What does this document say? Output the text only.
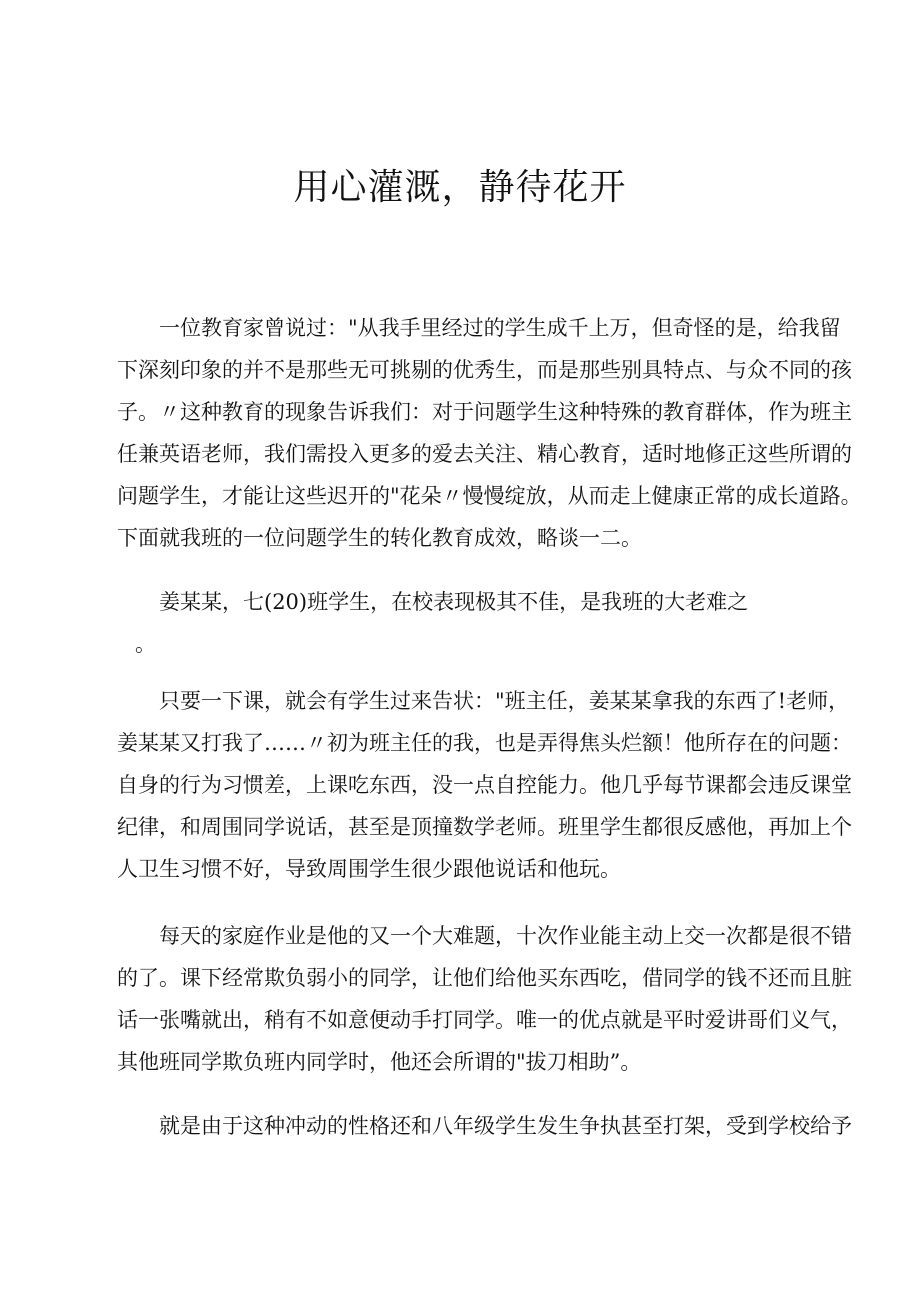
用心灌溉，静待花开

一位教育家曾说过："从我手里经过的学生成千上万，但奇怪的是，给我留

下深刻印象的并不是那些无可挑剔的优秀生，而是那些别具特点、与众不同的孩

子。〃这种教育的现象告诉我们：对于问题学生这种特殊的教育群体，作为班主

任兼英语老师，我们需投入更多的爱去关注、精心教育，适时地修正这些所谓的

问题学生，才能让这些迟开的"花朵〃慢慢绽放，从而走上健康正常的成长道路。

下面就我班的一位问题学生的转化教育成效，略谈一二。

姜某某，七(20)班学生，在校表现极其不佳，是我班的大老难之

。

只要一下课，就会有学生过来告状："班主任，姜某某拿我的东西了!老师，

姜某某又打我了……〃初为班主任的我，也是弄得焦头烂额！他所存在的问题：

自身的行为习惯差，上课吃东西，没一点自控能力。他几乎每节课都会违反课堂

纪律，和周围同学说话，甚至是顶撞数学老师。班里学生都很反感他，再加上个

人卫生习惯不好，导致周围学生很少跟他说话和他玩。

每天的家庭作业是他的又一个大难题，十次作业能主动上交一次都是很不错

的了。课下经常欺负弱小的同学，让他们给他买东西吃，借同学的钱不还而且脏

话一张嘴就出，稍有不如意便动手打同学。唯一的优点就是平时爱讲哥们义气，

其他班同学欺负班内同学时，他还会所谓的"拔刀相助”。

就是由于这种冲动的性格还和八年级学生发生争执甚至打架，受到学校给予
